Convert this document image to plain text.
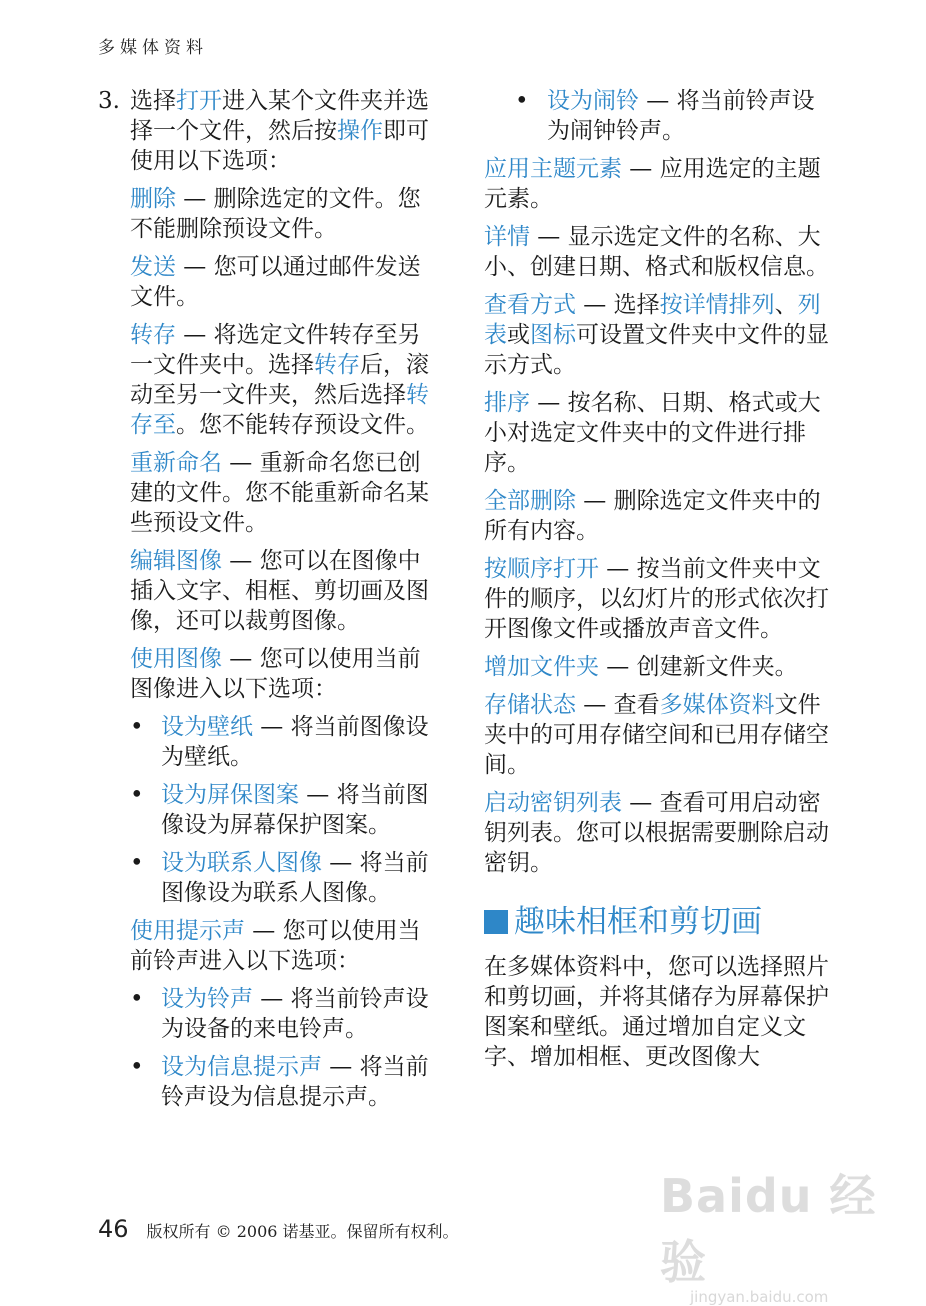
多媒体资料

3. 选择打开进入某个文件夹并选择一个文件，然后按操作即可使用以下选项：

删除 — 删除选定的文件。您不能删除预设文件。

发送 — 您可以通过邮件发送文件。

转存 — 将选定文件转存至另一文件夹中。选择转存后，滚动至另一文件夹，然后选择转存至。您不能转存预设文件。

重新命名 — 重新命名您已创建的文件。您不能重新命名某些预设文件。

编辑图像 — 您可以在图像中插入文字、相框、剪切画及图像，还可以裁剪图像。

使用图像 — 您可以使用当前图像进入以下选项：

• 设为壁纸 — 将当前图像设为壁纸。

• 设为屏保图案 — 将当前图像设为屏幕保护图案。

• 设为联系人图像 — 将当前图像设为联系人图像。

使用提示声 — 您可以使用当前铃声进入以下选项：

• 设为铃声 — 将当前铃声设为设备的来电铃声。

• 设为信息提示声 — 将当前铃声设为信息提示声。

• 设为闹铃 — 将当前铃声设为闹钟铃声。

应用主题元素 — 应用选定的主题元素。

详情 — 显示选定文件的名称、大小、创建日期、格式和版权信息。

查看方式 — 选择按详情排列、列表或图标可设置文件夹中文件的显示方式。

排序 — 按名称、日期、格式或大小对选定文件夹中的文件进行排序。

全部删除 — 删除选定文件夹中的所有内容。

按顺序打开 — 按当前文件夹中文件的顺序，以幻灯片的形式依次打开图像文件或播放声音文件。

增加文件夹 — 创建新文件夹。

存储状态 — 查看多媒体资料文件夹中的可用存储空间和已用存储空间。

启动密钥列表 — 查看可用启动密钥列表。您可以根据需要删除启动密钥。

趣味相框和剪切画

在多媒体资料中，您可以选择照片和剪切画，并将其储存为屏幕保护图案和壁纸。通过增加自定义文字、增加相框、更改图像大

46 版权所有 © 2006 诺基亚。保留所有权利。
Baidu 经验
jingyan.baidu.com
